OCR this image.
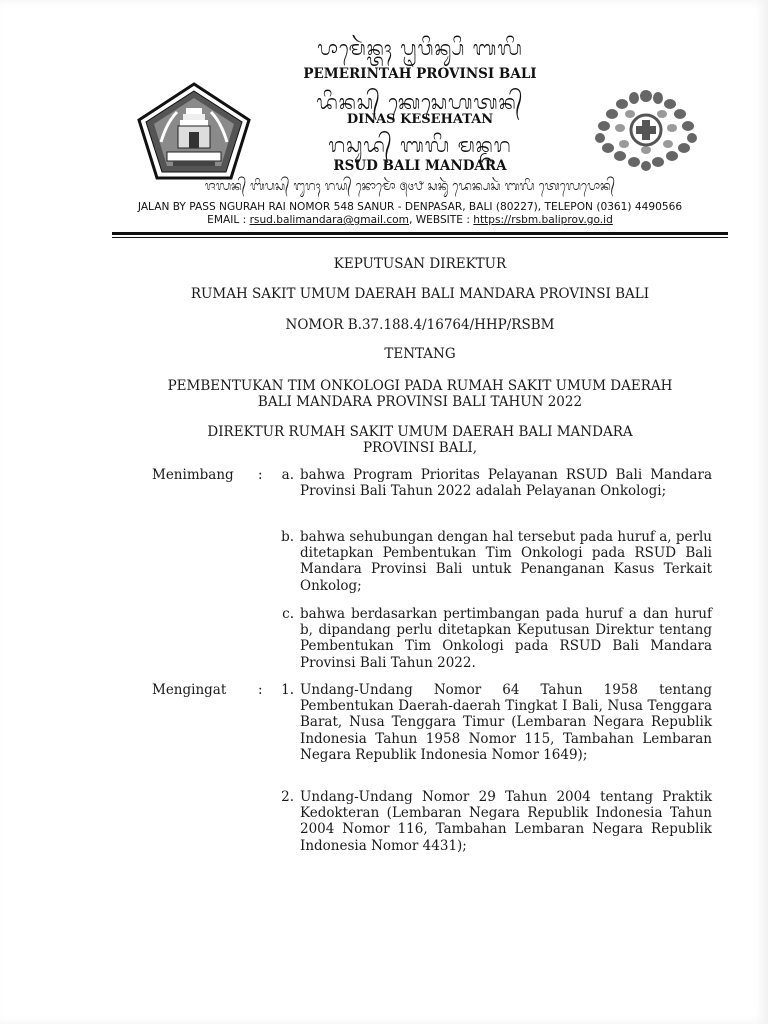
ᬧᬵᬫᬾᬃᬦ᭄ᬢᬄ ᬧᬺᬯᬶᬦ᭄ᬲᬶ ᬩᬮᬶ
PEMERINTAH PROVINSI BALI
ᬤᬶᬦᬲ᭄ ᬓᬾᬲᬾᬳᬢᬦ᭄
DINAS KESEHATAN
ᬭᬲᬸᬤ᭄ ᬩᬮᬶ ᬫᬦ᭄ᬤᬭ
RSUD BALI MANDARA
ᬚᬮᬦ᭄ ᬩᬶᬧᬲ᭄ ᬗᬸᬭᬄ ᬭᬬ᭄ ᬦᭀᬫᭀᬃ ᭕᭔᭘ ᬲᬦᬸᬃ ᬤᬾᬦ᭄ᬧᬲᬃ ᬩᬮᬶ ᬢᬾᬮᬾᬧᭀᬦ᭄
JALAN BY PASS NGURAH RAI NOMOR 548 SANUR - DENPASAR, BALI (80227), TELEPON (0361) 4490566
EMAIL : rsud.balimandara@gmail.com, WEBSITE : https://rsbm.baliprov.go.id
KEPUTUSAN DIREKTUR
RUMAH SAKIT UMUM DAERAH BALI MANDARA PROVINSI BALI
NOMOR B.37.188.4/16764/HHP/RSBM
TENTANG
PEMBENTUKAN TIM ONKOLOGI PADA RUMAH SAKIT UMUM DAERAH
BALI MANDARA PROVINSI BALI TAHUN 2022
DIREKTUR RUMAH SAKIT UMUM DAERAH BALI MANDARA
PROVINSI BALI,
Menimbang :	a. bahwa Program Prioritas Pelayanan RSUD Bali Mandara Provinsi Bali Tahun 2022 adalah Pelayanan Onkologi;
b. bahwa sehubungan dengan hal tersebut pada huruf a, perlu ditetapkan Pembentukan Tim Onkologi pada RSUD Bali Mandara Provinsi Bali untuk Penanganan Kasus Terkait Onkolog;
c. bahwa berdasarkan pertimbangan pada huruf a dan huruf b, dipandang perlu ditetapkan Keputusan Direktur tentang Pembentukan Tim Onkologi pada RSUD Bali Mandara Provinsi Bali Tahun 2022.
Mengingat :	1. Undang-Undang Nomor 64 Tahun 1958 tentang Pembentukan Daerah-daerah Tingkat I Bali, Nusa Tenggara Barat, Nusa Tenggara Timur (Lembaran Negara Republik Indonesia Tahun 1958 Nomor 115, Tambahan Lembaran Negara Republik Indonesia Nomor 1649);
2. Undang-Undang Nomor 29 Tahun 2004 tentang Praktik Kedokteran (Lembaran Negara Republik Indonesia Tahun 2004 Nomor 116, Tambahan Lembaran Negara Republik Indonesia Nomor 4431);
